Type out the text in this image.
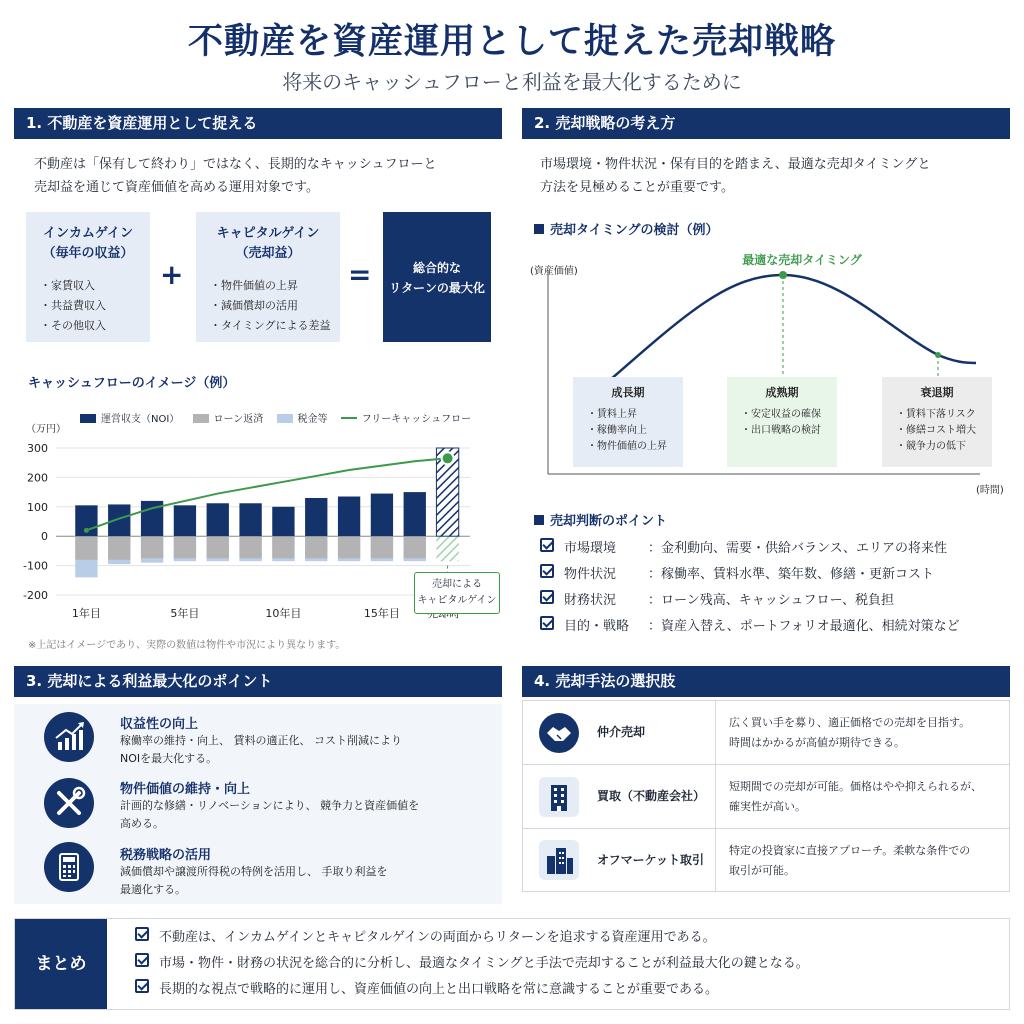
不動産を資産運用として捉えた売却戦略
将来のキャッシュフローと利益を最大化するために
1. 不動産を資産運用として捉える
不動産は「保有して終わり」ではなく、長期的なキャッシュフローと
売却益を通じて資産価値を高める運用対象です。
インカムゲイン
（毎年の収益）
・家賃収入
・共益費収入
・その他収入
+
キャピタルゲイン
（売却益）
・物件価値の上昇
・減価償却の活用
・タイミングによる差益
=	総合的な
リターンの最大化
キャッシュフローのイメージ（例）
運営収支（NOI）	ローン返済	税金等	フリーキャッシュフロー
（万円）
300
200
100
0
-100
-200
1年目	5年目	10年目	15年目
売却による
キャピタルゲイン
※上記はイメージであり、実際の数値は物件や市況により異なります。
2. 売却戦略の考え方
市場環境・物件状況・保有目的を踏まえ、最適な売却タイミングと
方法を見極めることが重要です。
売却タイミングの検討（例）
(資産価値)
(時間)
最適な売却タイミング
成長期
・賃料上昇
・稼働率向上
・物件価値の上昇
成熟期
・安定収益の確保
・出口戦略の検討
衰退期
・賃料下落リスク
・修繕コスト増大
・競争力の低下
売却判断のポイント
市場環境 ：金利動向、需要・供給バランス、エリアの将来性
物件状況 ：稼働率、賃料水準、築年数、修繕・更新コスト
財務状況 ：ローン残高、キャッシュフロー、税負担
目的・戦略 ：資産入替え、ポートフォリオ最適化、相続対策など
3. 売却による利益最大化のポイント
収益性の向上
稼働率の維持・向上、 賃料の適正化、 コスト削減により
NOIを最大化する。
物件価値の維持・向上
計画的な修繕・リノベーションにより、 競争力と資産価値を
高める。
税務戦略の活用
減価償却や譲渡所得税の特例を活用し、 手取り利益を
最適化する。
4. 売却手法の選択肢
仲介売却
広く買い手を募り、適正価格での売却を目指す。
時間はかかるが高値が期待できる。
買取（不動産会社）
短期間での売却が可能。価格はやや抑えられるが、
確実性が高い。
オフマーケット取引
特定の投資家に直接アプローチ。柔軟な条件での
取引が可能。
まとめ
不動産は、インカムゲインとキャピタルゲインの両面からリターンを追求する資産運用である。
市場・物件・財務の状況を総合的に分析し、最適なタイミングと手法で売却することが利益最大化の鍵となる。
長期的な視点で戦略的に運用し、資産価値の向上と出口戦略を常に意識することが重要である。
